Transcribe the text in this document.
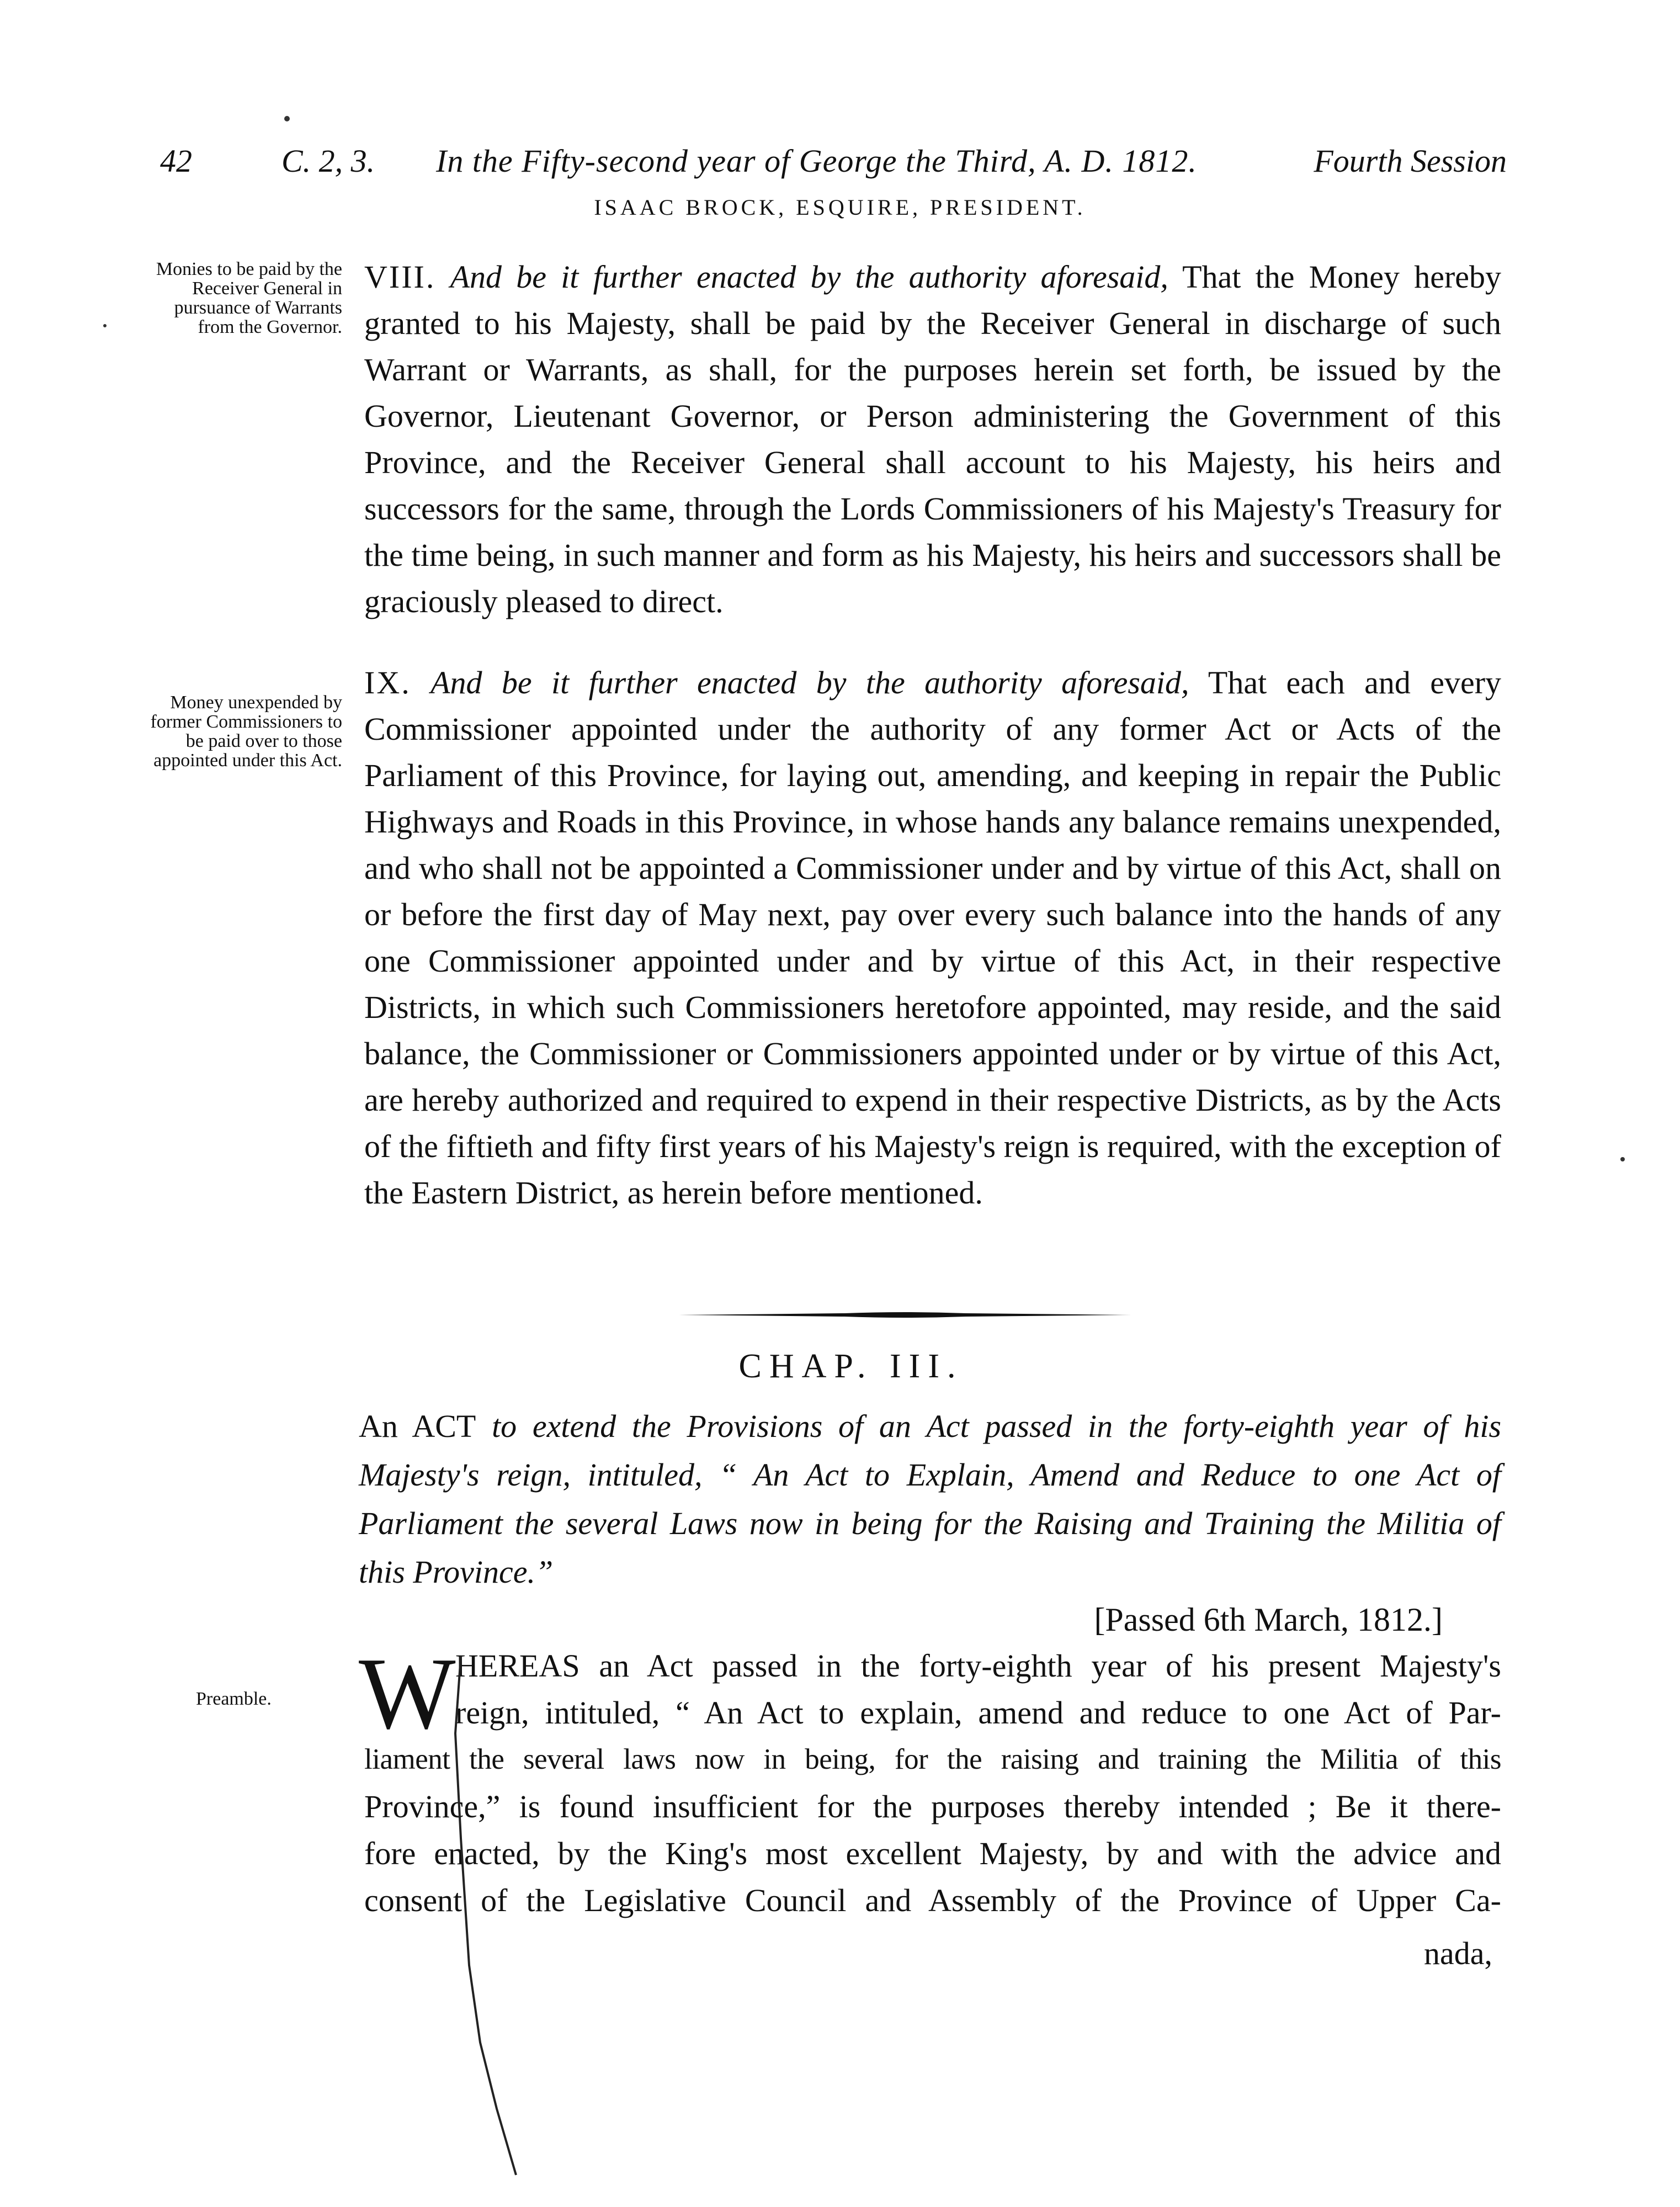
42	C. 2, 3. In the Fifty-second year of George the Third, A. D. 1812.	Fourth Session
ISAAC BROCK, ESQUIRE, PRESIDENT.
Monies to be paid by the Receiver General in pursuance of Warrants from the Governor.
VIII. And be it further enacted by the authority aforesaid, That the Money hereby granted to his Majesty, shall be paid by the Receiver General in discharge of such Warrant or Warrants, as shall, for the purposes herein set forth, be issued by the Governor, Lieutenant Governor, or Person administering the Government of this Province, and the Receiver General shall account to his Majesty, his heirs and successors for the same, through the Lords Commissioners of his Majesty's Treasury for the time being, in such manner and form as his Majesty, his heirs and successors shall be graciously pleased to direct.
Money unexpended by former Commissioners to be paid over to those appointed under this Act.
IX. And be it further enacted by the authority aforesaid, That each and every Commissioner appointed under the authority of any former Act or Acts of the Parliament of this Province, for laying out, amending, and keeping in repair the Public Highways and Roads in this Province, in whose hands any balance remains unexpended, and who shall not be appointed a Commissioner under and by virtue of this Act, shall on or before the first day of May next, pay over every such balance into the hands of any one Commissioner appointed under and by virtue of this Act, in their respective Districts, in which such Commissioners heretofore appointed, may reside, and the said balance, the Commissioner or Commissioners appointed under or by virtue of this Act, are hereby authorized and required to expend in their respective Districts, as by the Acts of the fiftieth and fifty first years of his Majesty's reign is required, with the exception of the Eastern District, as herein before mentioned.
CHAP. III.
An ACT to extend the Provisions of an Act passed in the forty-eighth year of his Majesty's reign, intituled, “ An Act to Explain, Amend and Reduce to one Act of Parliament the several Laws now in being for the Raising and Training the Militia of this Province.”
[Passed 6th March, 1812.]
Preamble. W HEREAS an Act passed in the forty-eighth year of his present Majesty's
reign, intituled, “ An Act to explain, amend and reduce to one Act of Par-
liament the several laws now in being, for the raising and training the Militia of this
Province,” is found insufficient for the purposes thereby intended ; Be it there-
fore enacted, by the King's most excellent Majesty, by and with the advice and
consent of the Legislative Council and Assembly of the Province of Upper Ca-
nada,
